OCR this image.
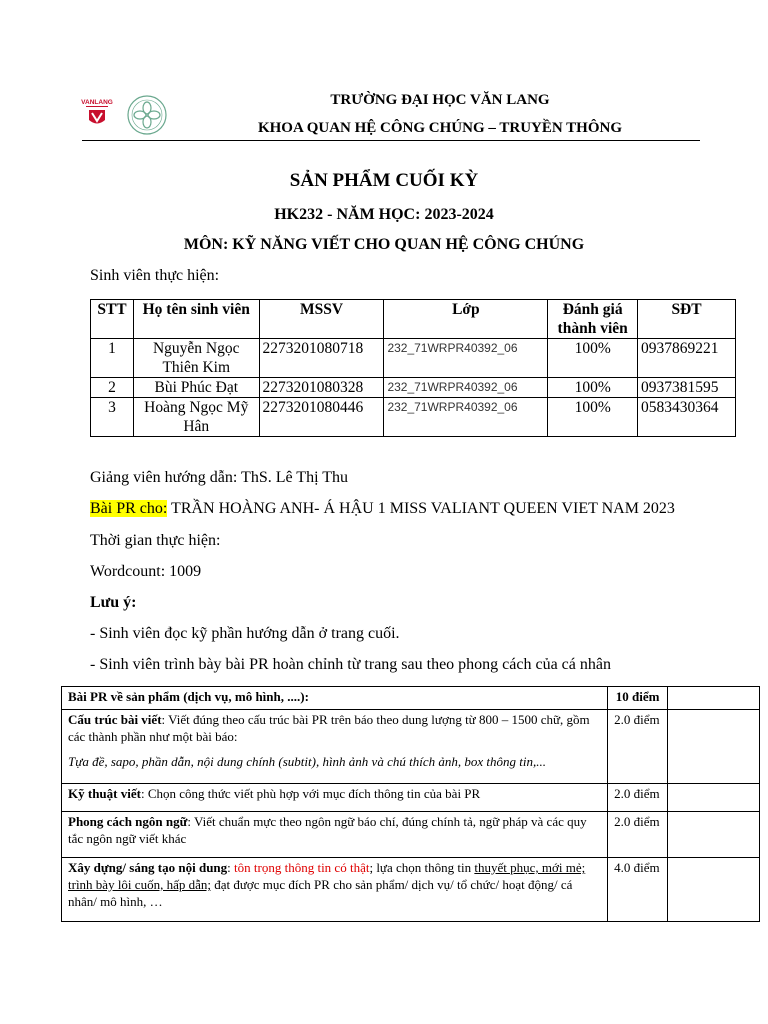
VANLANG	TRƯỜNG ĐẠI HỌC VĂN LANG
KHOA QUAN HỆ CÔNG CHÚNG – TRUYỀN THÔNG
SẢN PHẨM CUỐI KỲ
HK232 - NĂM HỌC: 2023-2024
MÔN: KỸ NĂNG VIẾT CHO QUAN HỆ CÔNG CHÚNG
Sinh viên thực hiện:
STT	Họ tên sinh viên	MSSV	Lớp	Đánh giá thành viên	SĐT
1	Nguyễn Ngọc Thiên Kim	2273201080718	232_71WRPR40392_06	100%	0937869221
2	Bùi Phúc Đạt	2273201080328	232_71WRPR40392_06	100%	0937381595
3	Hoàng Ngọc Mỹ Hân	2273201080446	232_71WRPR40392_06	100%	0583430364
Giảng viên hướng dẫn: ThS. Lê Thị Thu
Bài PR cho: TRẦN HOÀNG ANH- Á HẬU 1 MISS VALIANT QUEEN VIET NAM 2023
Thời gian thực hiện:
Wordcount: 1009
Lưu ý:
- Sinh viên đọc kỹ phần hướng dẫn ở trang cuối.
- Sinh viên trình bày bài PR hoàn chỉnh từ trang sau theo phong cách của cá nhân
Bài PR về sản phẩm (dịch vụ, mô hình, ....):	10 điểm	
Cấu trúc bài viết: Viết đúng theo cấu trúc bài PR trên báo theo dung lượng từ 800 – 1500 chữ, gồm các thành phần như một bài báo:
Tựa đề, sapo, phần dẫn, nội dung chính (subtit), hình ảnh và chú thích ảnh, box thông tin,...	2.0 điểm	
Kỹ thuật viết: Chọn công thức viết phù hợp với mục đích thông tin của bài PR	2.0 điểm	
Phong cách ngôn ngữ: Viết chuẩn mực theo ngôn ngữ báo chí, đúng chính tả, ngữ pháp và các quy tắc ngôn ngữ viết khác	2.0 điểm	
Xây dựng/ sáng tạo nội dung: tôn trọng thông tin có thật; lựa chọn thông tin thuyết phục, mới mẻ; trình bày lôi cuốn, hấp dẫn; đạt được mục đích PR cho sản phẩm/ dịch vụ/ tổ chức/ hoạt động/ cá nhân/ mô hình, …	4.0 điểm	
